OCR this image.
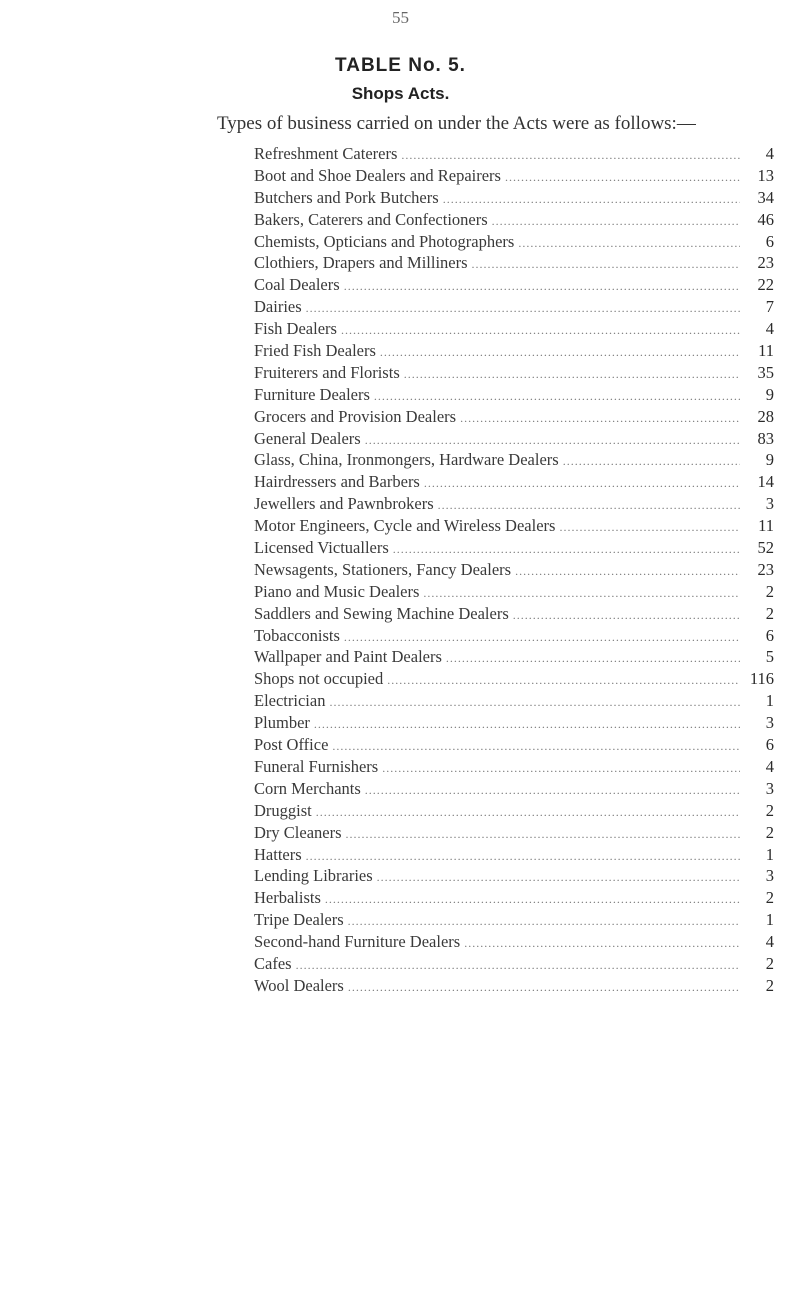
55
TABLE No. 5.
Shops Acts.
Types of business carried on under the Acts were as follows:—
Refreshment Caterers .....	4
Boot and Shoe Dealers and Repairers .....	13
Butchers and Pork Butchers .....	34
Bakers, Caterers and Confectioners .....	46
Chemists, Opticians and Photographers .....	6
Clothiers, Drapers and Milliners .....	23
Coal Dealers .....	22
Dairies .....	7
Fish Dealers .....	4
Fried Fish Dealers .....	11
Fruiterers and Florists .....	35
Furniture Dealers .....	9
Grocers and Provision Dealers .....	28
General Dealers .....	83
Glass, China, Ironmongers, Hardware Dealers .....	9
Hairdressers and Barbers .....	14
Jewellers and Pawnbrokers .....	3
Motor Engineers, Cycle and Wireless Dealers .....	11
Licensed Victuallers .....	52
Newsagents, Stationers, Fancy Dealers .....	23
Piano and Music Dealers .....	2
Saddlers and Sewing Machine Dealers .....	2
Tobacconists .....	6
Wallpaper and Paint Dealers .....	5
Shops not occupied .....	116
Electrician .....	1
Plumber .....	3
Post Office .....	6
Funeral Furnishers .....	4
Corn Merchants .....	3
Druggist .....	2
Dry Cleaners .....	2
Hatters .....	1
Lending Libraries .....	3
Herbalists .....	2
Tripe Dealers .....	1
Second-hand Furniture Dealers .....	4
Cafes .....	2
Wool Dealers .....	2
